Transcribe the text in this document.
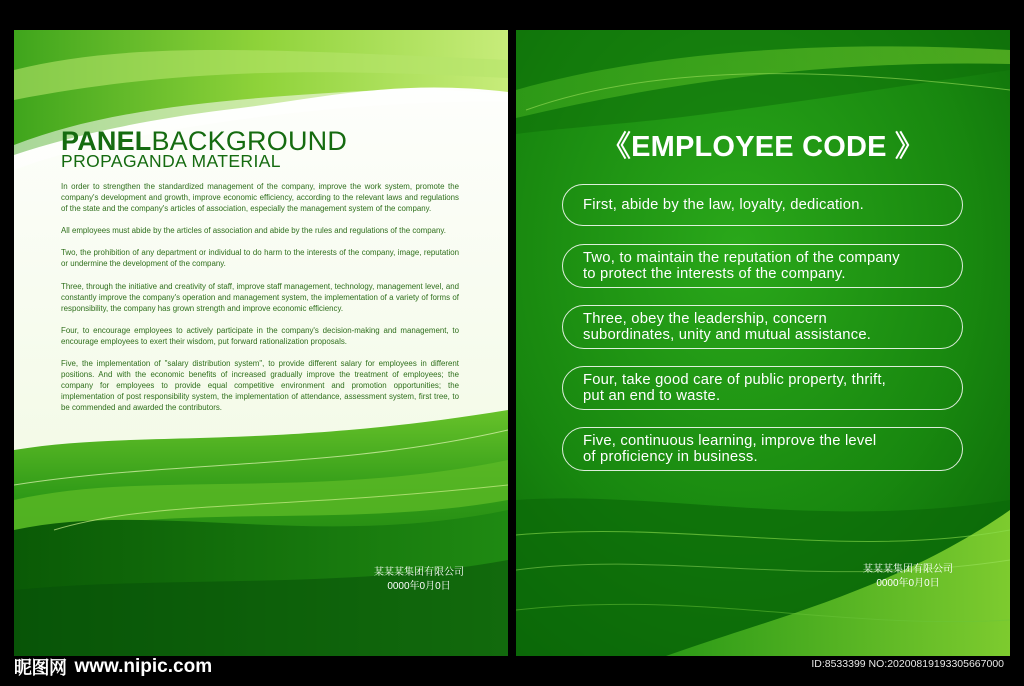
PANELBACKGROUND
PROPAGANDA MATERIAL

In order to strengthen the standardized management of the company, improve the work system, promote the company's development and growth, improve economic efficiency, according to the relevant laws and regulations of the state and the company's articles of association, especially the management system of the company.

All employees must abide by the articles of association and abide by the rules and regulations of the company.

Two, the prohibition of any department or individual to do harm to the interests of the company, image, reputation or undermine the development of the company.

Three, through the initiative and creativity of staff, improve staff management, technology, management level, and constantly improve the company's operation and management system, the implementation of a variety of forms of responsibility, the company has grown strength and improve economic efficiency.

Four, to encourage employees to actively participate in the company's decision-making and management, to encourage employees to exert their wisdom, put forward rationalization proposals.

Five, the implementation of "salary distribution system", to provide different salary for employees in different positions. And with the economic benefits of increased gradually improve the treatment of employees; the company for employees to provide equal competitive environment and promotion opportunities; the implementation of post responsibility system, the implementation of attendance, assessment system, first tree, to be commended and awarded the contributors.

某某某集团有限公司
0000年0月0日
《EMPLOYEE CODE 》
First, abide by the law, loyalty, dedication.
Two, to maintain the reputation of the company
to protect the interests of the company.
Three, obey the leadership, concern
subordinates, unity and mutual assistance.
Four, take good care of public property, thrift,
put an end to waste.
Five, continuous learning, improve the level
of proficiency in business.
某某某集团有限公司
0000年0月0日
昵图网 www.nipic.com	ID:8533399 NO:20200819193305667000
